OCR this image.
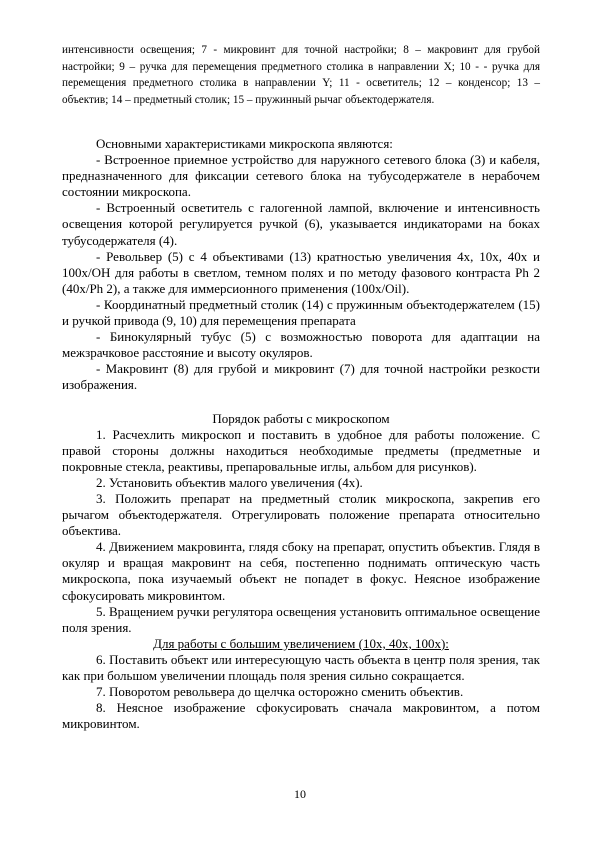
интенсивности освещения; 7 - микровинт для точной настройки; 8 – макровинт для грубой настройки; 9 – ручка для перемещения предметного столика в направлении X; 10 - - ручка для перемещения предметного столика в направлении Y; 11 - осветитель; 12 – конденсор; 13 – объектив; 14 – предметный столик; 15 – пружинный рычаг объектодержателя.

Основными характеристиками микроскопа являются:

- Встроенное приемное устройство для наружного сетевого блока (3) и кабеля, предназначенного для фиксации сетевого блока на тубусодержателе в нерабочем состоянии микроскопа.

- Встроенный осветитель с галогенной лампой, включение и интенсивность освещения которой регулируется ручкой (6), указывается индикаторами на боках тубусодержателя (4).

- Револьвер (5) с 4 объективами (13) кратностью увеличения 4х, 10х, 40х и 100х/ОН для работы в светлом, темном полях и по методу фазового контраста Ph 2 (40х/Ph 2), а также для иммерсионного применения (100х/Oil).

- Координатный предметный столик (14) с пружинным объектодержателем (15) и ручкой привода (9, 10) для перемещения препарата

- Бинокулярный тубус (5) с возможностью поворота для адаптации на межзрачковое расстояние и высоту окуляров.

- Макровинт (8) для грубой и микровинт (7) для точной настройки резкости изображения.

Порядок работы с микроскопом

1. Расчехлить микроскоп и поставить в удобное для работы положение. С правой стороны должны находиться необходимые предметы (предметные и покровные стекла, реактивы, препаровальные иглы, альбом для рисунков).

2. Установить объектив малого увеличения (4х).

3. Положить препарат на предметный столик микроскопа, закрепив его рычагом объектодержателя. Отрегулировать положение препарата относительно объектива.

4. Движением макровинта, глядя сбоку на препарат, опустить объектив. Глядя в окуляр и вращая макровинт на себя, постепенно поднимать оптическую часть микроскопа, пока изучаемый объект не попадет в фокус. Неясное изображение сфокусировать микровинтом.

5. Вращением ручки регулятора освещения установить оптимальное освещение поля зрения.

Для работы с большим увеличением (10х, 40х, 100х):

6. Поставить объект или интересующую часть объекта в центр поля зрения, так как при большом увеличении площадь поля зрения сильно сокращается.

7. Поворотом револьвера до щелчка осторожно сменить объектив.

8. Неясное изображение сфокусировать сначала макровинтом, а потом микровинтом.

10
